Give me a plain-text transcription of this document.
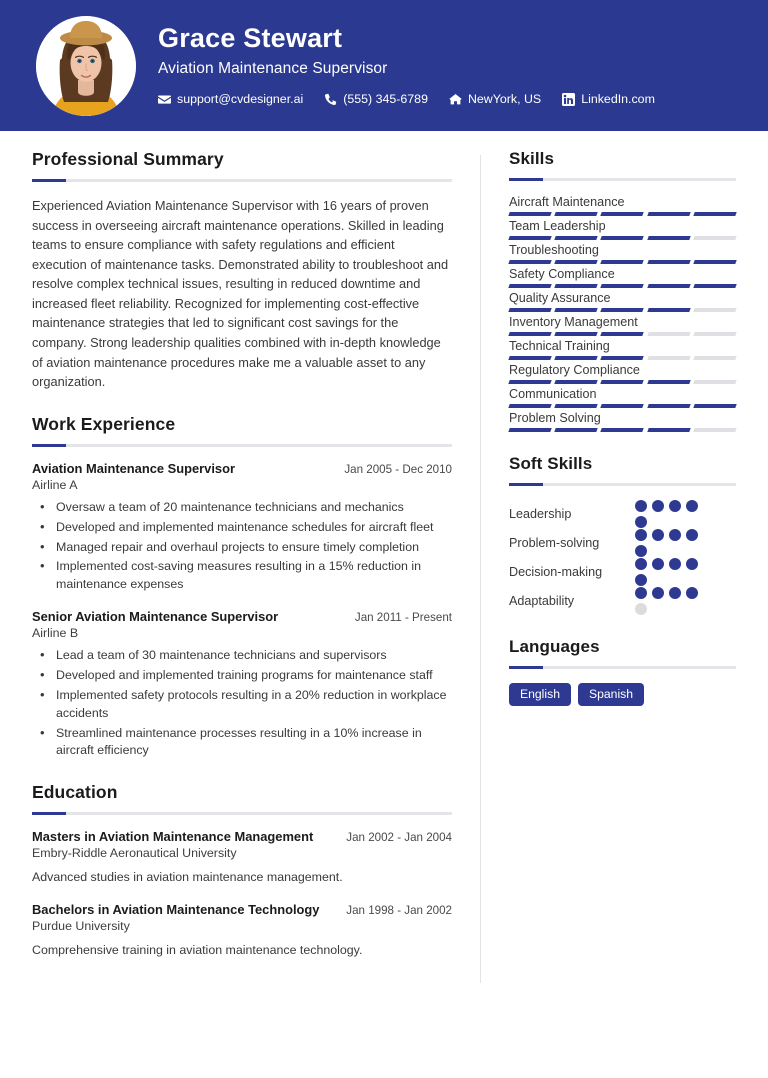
Grace Stewart
Aviation Maintenance Supervisor
support@cvdesigner.ai	(555) 345-6789	NewYork, US	LinkedIn.com
Professional Summary
Experienced Aviation Maintenance Supervisor with 16 years of proven success in overseeing aircraft maintenance operations. Skilled in leading teams to ensure compliance with safety regulations and efficient execution of maintenance tasks. Demonstrated ability to troubleshoot and resolve complex technical issues, resulting in reduced downtime and increased fleet reliability. Recognized for implementing cost-effective maintenance strategies that led to significant cost savings for the company. Strong leadership qualities combined with in-depth knowledge of aviation maintenance procedures make me a valuable asset to any organization.
Work Experience
Aviation Maintenance Supervisor	Jan 2005 - Dec 2010
Airline A
• Oversaw a team of 20 maintenance technicians and mechanics
• Developed and implemented maintenance schedules for aircraft fleet
• Managed repair and overhaul projects to ensure timely completion
• Implemented cost-saving measures resulting in a 15% reduction in maintenance expenses
Senior Aviation Maintenance Supervisor	Jan 2011 - Present
Airline B
• Lead a team of 30 maintenance technicians and supervisors
• Developed and implemented training programs for maintenance staff
• Implemented safety protocols resulting in a 20% reduction in workplace accidents
• Streamlined maintenance processes resulting in a 10% increase in aircraft efficiency
Education
Masters in Aviation Maintenance Management	Jan 2002 - Jan 2004
Embry-Riddle Aeronautical University
Advanced studies in aviation maintenance management.
Bachelors in Aviation Maintenance Technology Jan 1998 - Jan 2002
Purdue University
Comprehensive training in aviation maintenance technology.
Skills
Aircraft Maintenance
Team Leadership
Troubleshooting
Safety Compliance
Quality Assurance
Inventory Management
Technical Training
Regulatory Compliance
Communication
Problem Solving
Soft Skills
Leadership
Problem-solving
Decision-making
Adaptability
Languages
English	Spanish
